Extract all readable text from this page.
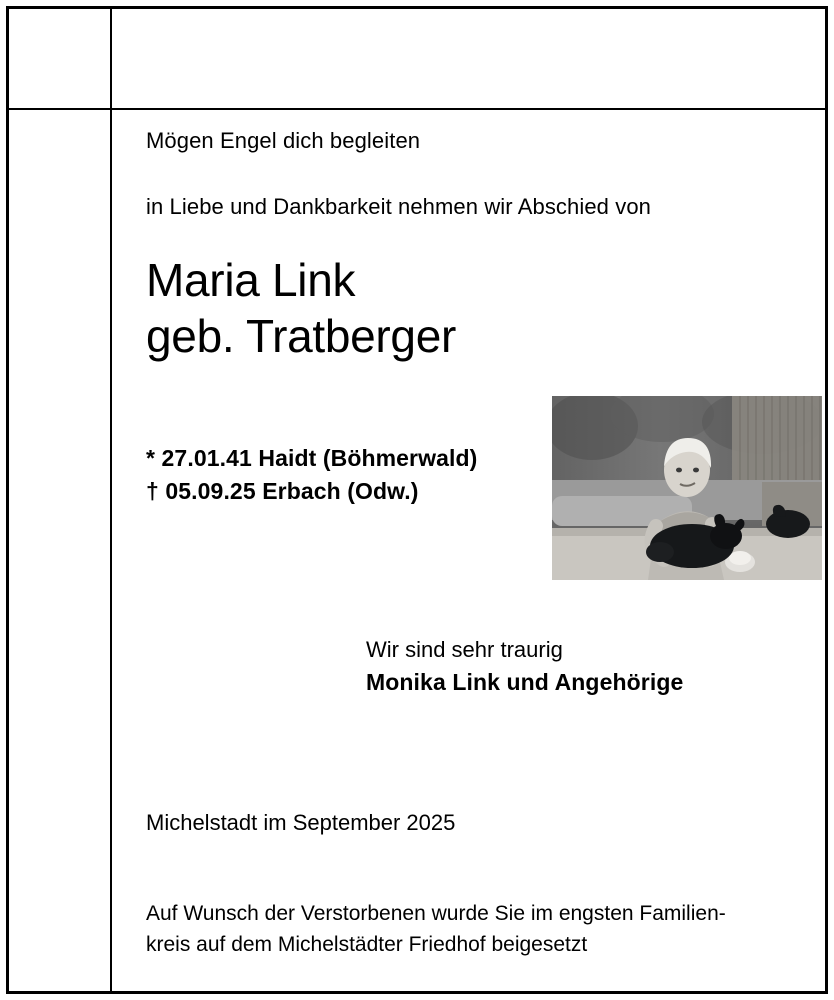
Mögen Engel dich begleiten
in Liebe und Dankbarkeit nehmen wir Abschied von
Maria Link
geb. Tratberger
* 27.01.41 Haidt (Böhmerwald)
† 05.09.25 Erbach (Odw.)
Wir sind sehr traurig
Monika Link und Angehörige
Michelstadt im September 2025
Auf Wunsch der Verstorbenen wurde Sie im engsten Familien-
kreis auf dem Michelstädter Friedhof beigesetzt
